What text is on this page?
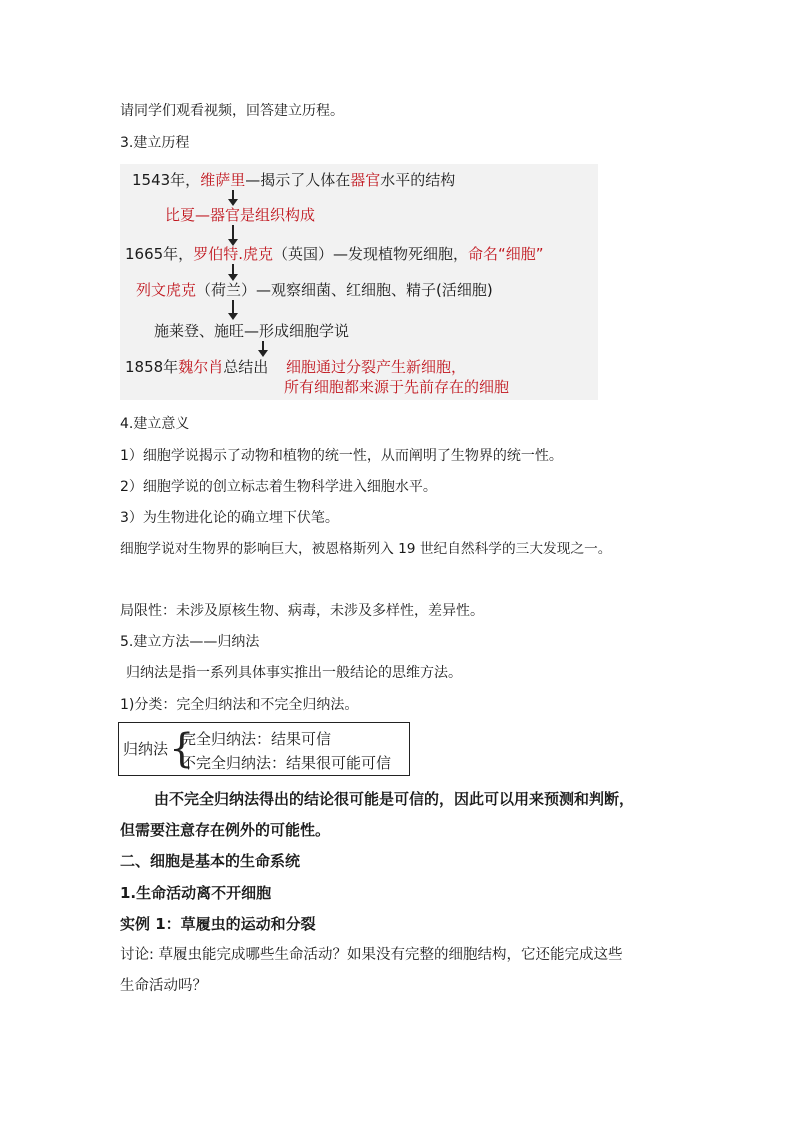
请同学们观看视频，回答建立历程。
3.建立历程
1543年，维萨里—揭示了人体在器官水平的结构
比夏—器官是组织构成
1665年，罗伯特.虎克（英国）—发现植物死细胞，命名“细胞”
列文虎克（荷兰）—观察细菌、红细胞、精子(活细胞)
施莱登、施旺—形成细胞学说
1858年魏尔肖总结出 细胞通过分裂产生新细胞，
所有细胞都来源于先前存在的细胞
4.建立意义
1）细胞学说揭示了动物和植物的统一性，从而阐明了生物界的统一性。
2）细胞学说的创立标志着生物科学进入细胞水平。
3）为生物进化论的确立埋下伏笔。
细胞学说对生物界的影响巨大，被恩格斯列入 19 世纪自然科学的三大发现之一。
局限性：未涉及原核生物、病毒，未涉及多样性，差异性。
5.建立方法——归纳法
归纳法是指一系列具体事实推出一般结论的思维方法。
1)分类：完全归纳法和不完全归纳法。
归纳法 {
完全归纳法：结果可信
不完全归纳法：结果很可能可信
由不完全归纳法得出的结论很可能是可信的，因此可以用来预测和判断，
但需要注意存在例外的可能性。
二、细胞是基本的生命系统
1.生命活动离不开细胞
实例 1：草履虫的运动和分裂
讨论: 草履虫能完成哪些生命活动？如果没有完整的细胞结构，它还能完成这些
生命活动吗？
